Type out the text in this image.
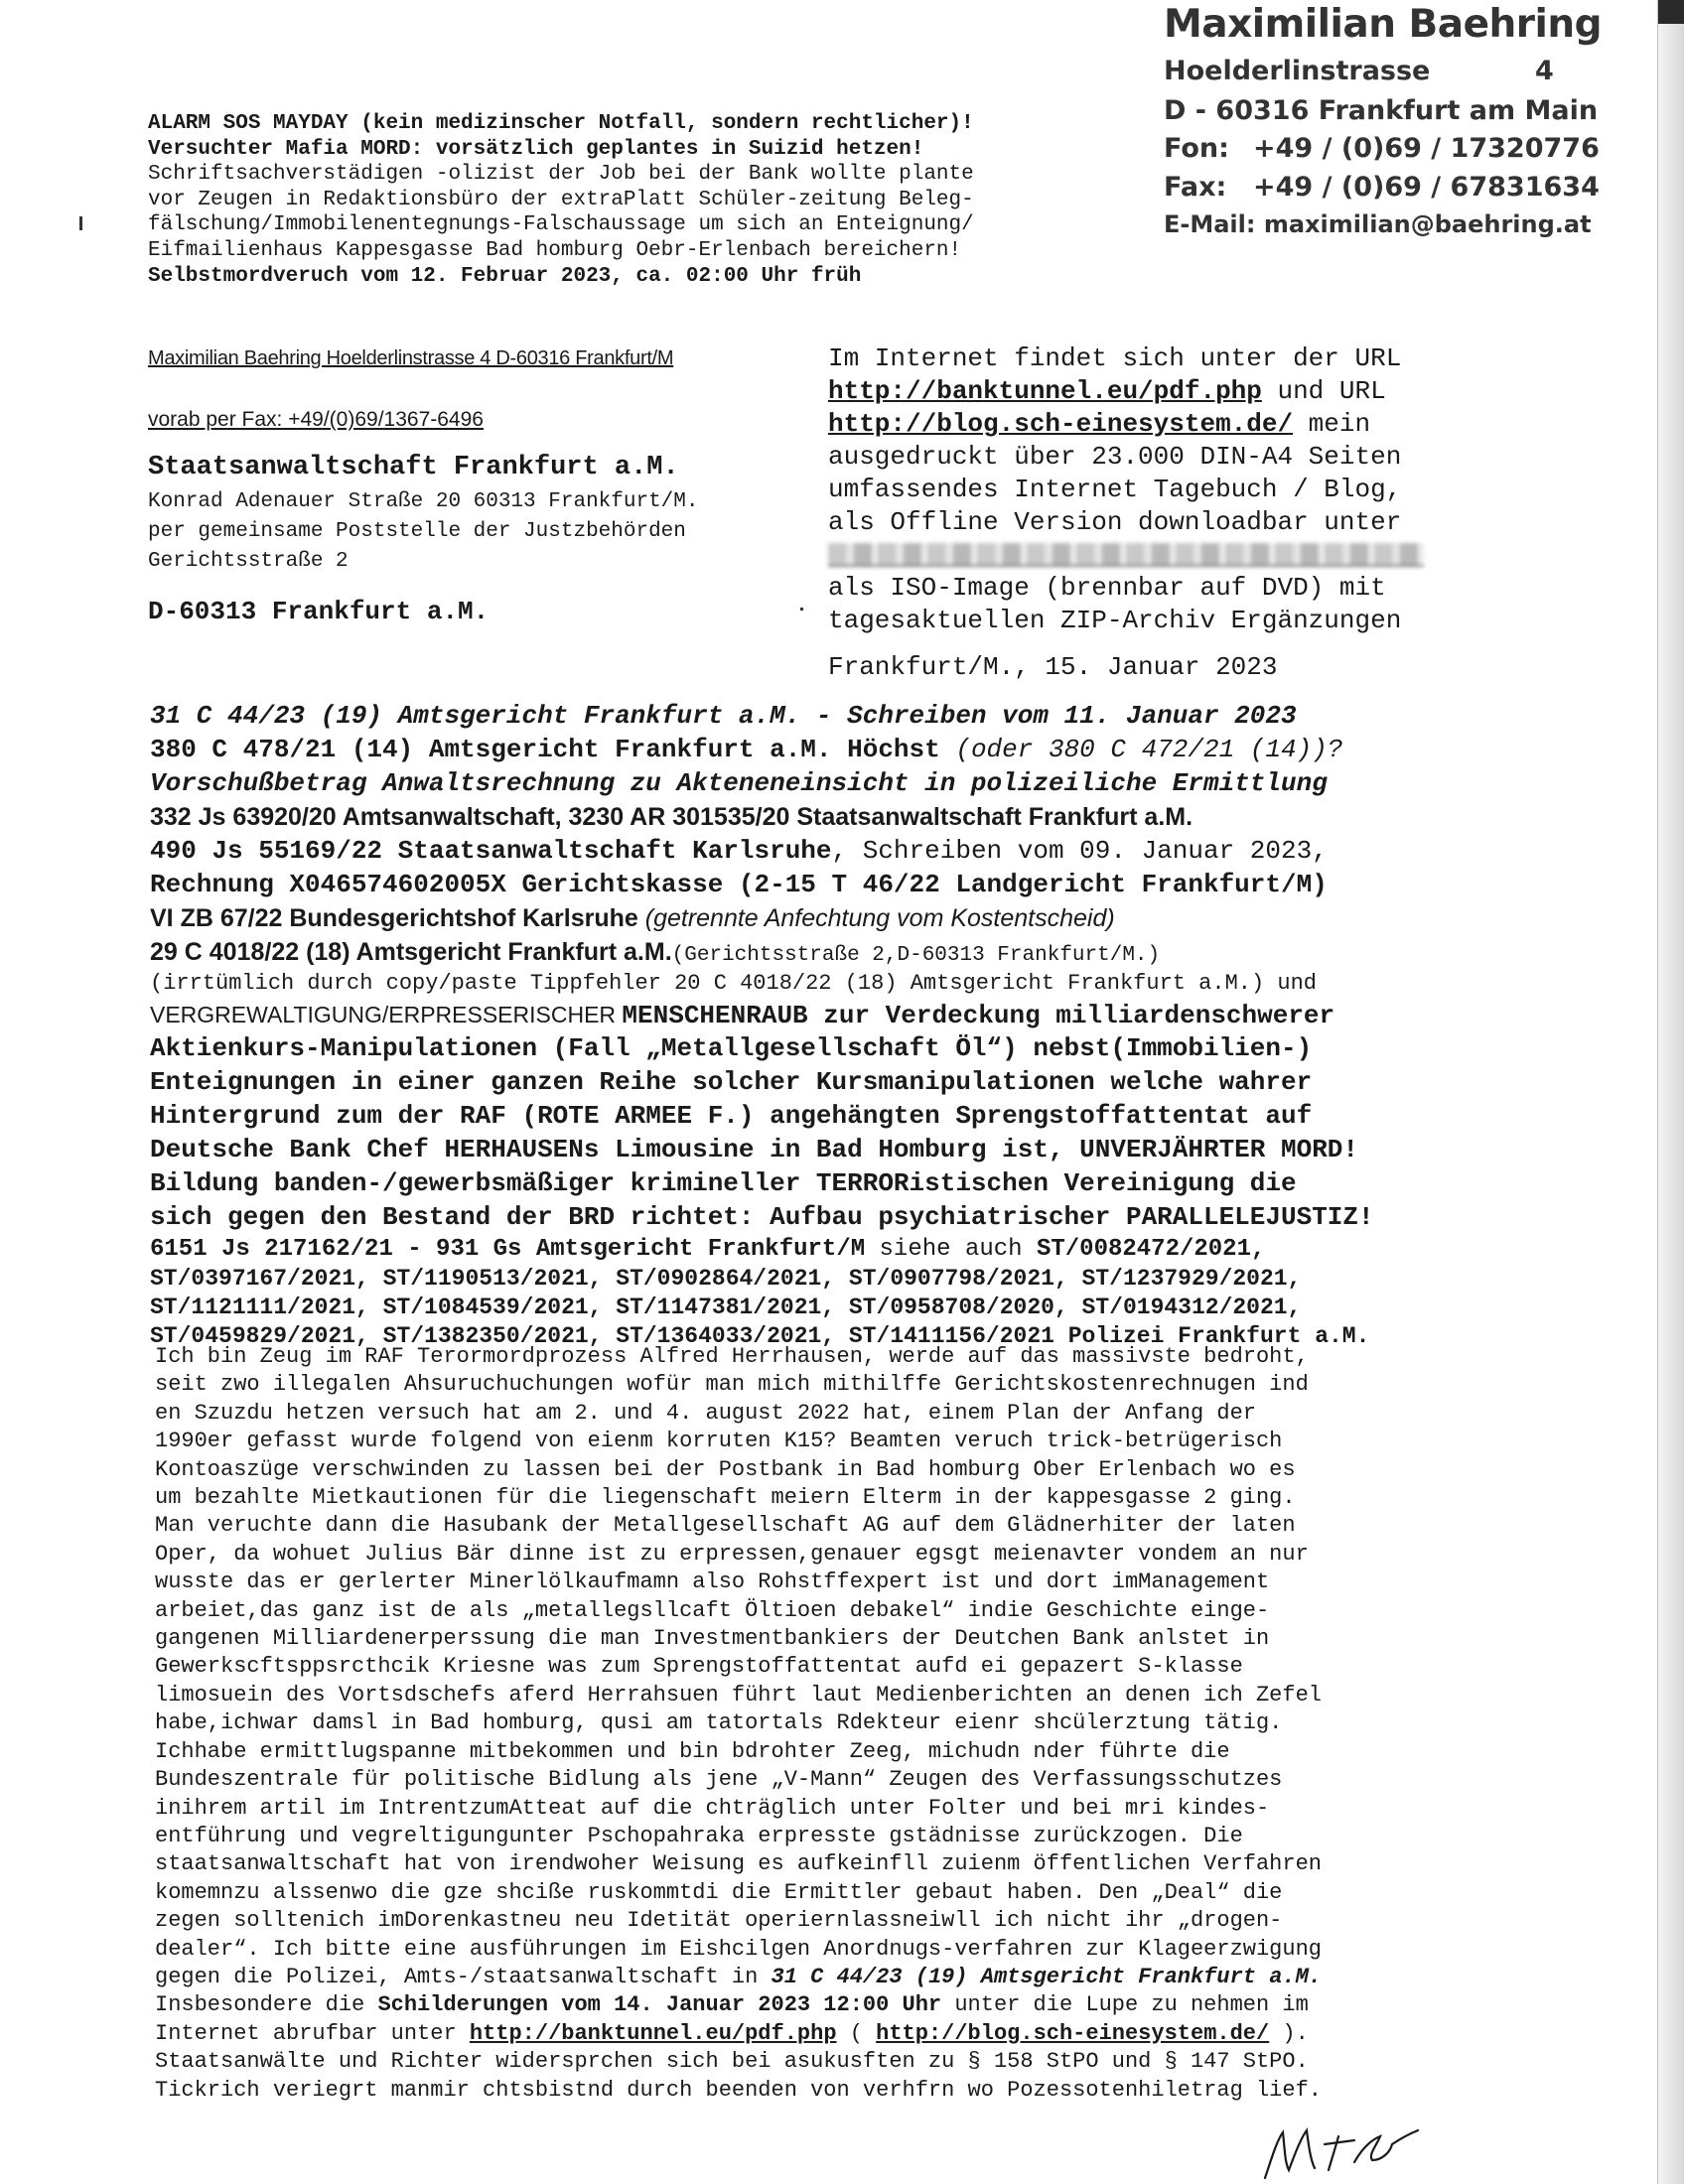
Maximilian Baehring
Hoelderlinstrasse	4
D - 60316 Frankfurt am Main
Fon: +49 / (0)69 / 17320776
Fax: +49 / (0)69 / 67831634
E-Mail: maximilian@baehring.at
ALARM SOS MAYDAY (kein medizinscher Notfall, sondern rechtlicher)!
Versuchter Mafia MORD: vorsätzlich geplantes in Suizid hetzen!
Schriftsachverstädigen -olizist der Job bei der Bank wollte plante
vor Zeugen in Redaktionsbüro der extraPlatt Schüler-zeitung Beleg-
fälschung/Immobilenentegnungs-Falschaussage um sich an Enteignung/
Eifmailienhaus Kappesgasse Bad homburg Oebr-Erlenbach bereichern!
Selbstmordveruch vom 12. Februar 2023, ca. 02:00 Uhr früh
Maximilian Baehring Hoelderlinstrasse 4 D-60316 Frankfurt/M
vorab per Fax: +49/(0)69/1367-6496
Staatsanwaltschaft Frankfurt a.M.
Konrad Adenauer Straße 20 60313 Frankfurt/M.
per gemeinsame Poststelle der Justzbehörden
Gerichtsstraße 2
D-60313 Frankfurt a.M.
Im Internet findet sich unter der URL
http://banktunnel.eu/pdf.php und URL
http://blog.sch-einesystem.de/ mein
ausgedruckt über 23.000 DIN-A4 Seiten
umfassendes Internet Tagebuch / Blog,
als Offline Version downloadbar unter
als ISO-Image (brennbar auf DVD) mit
tagesaktuellen ZIP-Archiv Ergänzungen
Frankfurt/M., 15. Januar 2023
31 C 44/23 (19) Amtsgericht Frankfurt a.M. - Schreiben vom 11. Januar 2023
380 C 478/21 (14) Amtsgericht Frankfurt a.M. Höchst (oder 380 C 472/21 (14))?
Vorschußbetrag Anwaltsrechnung zu Akteneneinsicht in polizeiliche Ermittlung
332 Js 63920/20 Amtsanwaltschaft, 3230 AR 301535/20 Staatsanwaltschaft Frankfurt a.M.
490 Js 55169/22 Staatsanwaltschaft Karlsruhe, Schreiben vom 09. Januar 2023,
Rechnung X046574602005X Gerichtskasse (2-15 T 46/22 Landgericht Frankfurt/M)
VI ZB 67/22 Bundesgerichtshof Karlsruhe (getrennte Anfechtung vom Kostentscheid)
29 C 4018/22 (18) Amtsgericht Frankfurt a.M.(Gerichtsstraße 2,D-60313 Frankfurt/M.)
(irrtümlich durch copy/paste Tippfehler 20 C 4018/22 (18) Amtsgericht Frankfurt a.M.) und
VERGREWALTIGUNG/ERPRESSERISCHER MENSCHENRAUB zur Verdeckung milliardenschwerer
Aktienkurs-Manipulationen (Fall „Metallgesellschaft Öl“) nebst(Immobilien-)
Enteignungen in einer ganzen Reihe solcher Kursmanipulationen welche wahrer
Hintergrund zum der RAF (ROTE ARMEE F.) angehängten Sprengstoffattentat auf
Deutsche Bank Chef HERHAUSENs Limousine in Bad Homburg ist, UNVERJÄHRTER MORD!
Bildung banden-/gewerbsmäßiger krimineller TERRORistischen Vereinigung die
sich gegen den Bestand der BRD richtet: Aufbau psychiatrischer PARALLELEJUSTIZ!
6151 Js 217162/21 - 931 Gs Amtsgericht Frankfurt/M siehe auch ST/0082472/2021,
ST/0397167/2021, ST/1190513/2021, ST/0902864/2021, ST/0907798/2021, ST/1237929/2021,
ST/1121111/2021, ST/1084539/2021, ST/1147381/2021, ST/0958708/2020, ST/0194312/2021,
ST/0459829/2021, ST/1382350/2021, ST/1364033/2021, ST/1411156/2021 Polizei Frankfurt a.M.
Ich bin Zeug im RAF Terormordprozess Alfred Herrhausen, werde auf das massivste bedroht,
seit zwo illegalen Ahsuruchuchungen wofür man mich mithilffe Gerichtskostenrechnugen ind
en Szuzdu hetzen versuch hat am 2. und 4. august 2022 hat, einem Plan der Anfang der
1990er gefasst wurde folgend von eienm korruten K15? Beamten veruch trick-betrügerisch
Kontoaszüge verschwinden zu lassen bei der Postbank in Bad homburg Ober Erlenbach wo es
um bezahlte Mietkautionen für die liegenschaft meiern Elterm in der kappesgasse 2 ging.
Man veruchte dann die Hasubank der Metallgesellschaft AG auf dem Glädnerhiter der laten
Oper, da wohuet Julius Bär dinne ist zu erpressen,genauer egsgt meienavter vondem an nur
wusste das er gerlerter Minerlölkaufmamn also Rohstffexpert ist und dort imManagement
arbeiet,das ganz ist de als „metallegsllcaft Öltioen debakel“ indie Geschichte einge-
gangenen Milliardenerperssung die man Investmentbankiers der Deutchen Bank anlstet in
Gewerkscftsppsrcthcik Kriesne was zum Sprengstoffattentat aufd ei gepazert S-klasse
limosuein des Vortsdschefs aferd Herrahsuen führt laut Medienberichten an denen ich Zefel
habe,ichwar damsl in Bad homburg, qusi am tatortals Rdekteur eienr shcülerztung tätig.
Ichhabe ermittlugspanne mitbekommen und bin bdrohter Zeeg, michudn nder führte die
Bundeszentrale für politische Bidlung als jene „V-Mann“ Zeugen des Verfassungsschutzes
inihrem artil im IntrentzumAtteat auf die chträglich unter Folter und bei mri kindes-
entführung und vegreltigungunter Pschopahraka erpresste gstädnisse zurückzogen. Die
staatsanwaltschaft hat von irendwoher Weisung es aufkeinfll zuienm öffentlichen Verfahren
komemnzu alssenwo die gze shciße ruskommtdi die Ermittler gebaut haben. Den „Deal“ die
zegen solltenich imDorenkastneu neu Idetität operiernlassneiwll ich nicht ihr „drogen-
dealer“. Ich bitte eine ausführungen im Eishcilgen Anordnugs-verfahren zur Klageerzwigung
gegen die Polizei, Amts-/staatsanwaltschaft in 31 C 44/23 (19) Amtsgericht Frankfurt a.M.
Insbesondere die Schilderungen vom 14. Januar 2023 12:00 Uhr unter die Lupe zu nehmen im
Internet abrufbar unter http://banktunnel.eu/pdf.php ( http://blog.sch-einesystem.de/ ).
Staatsanwälte und Richter widersprchen sich bei asukusften zu § 158 StPO und § 147 StPO.
Tickrich veriegrt manmir chtsbistnd durch beenden von verhfrn wo Pozessotenhiletrag lief.
